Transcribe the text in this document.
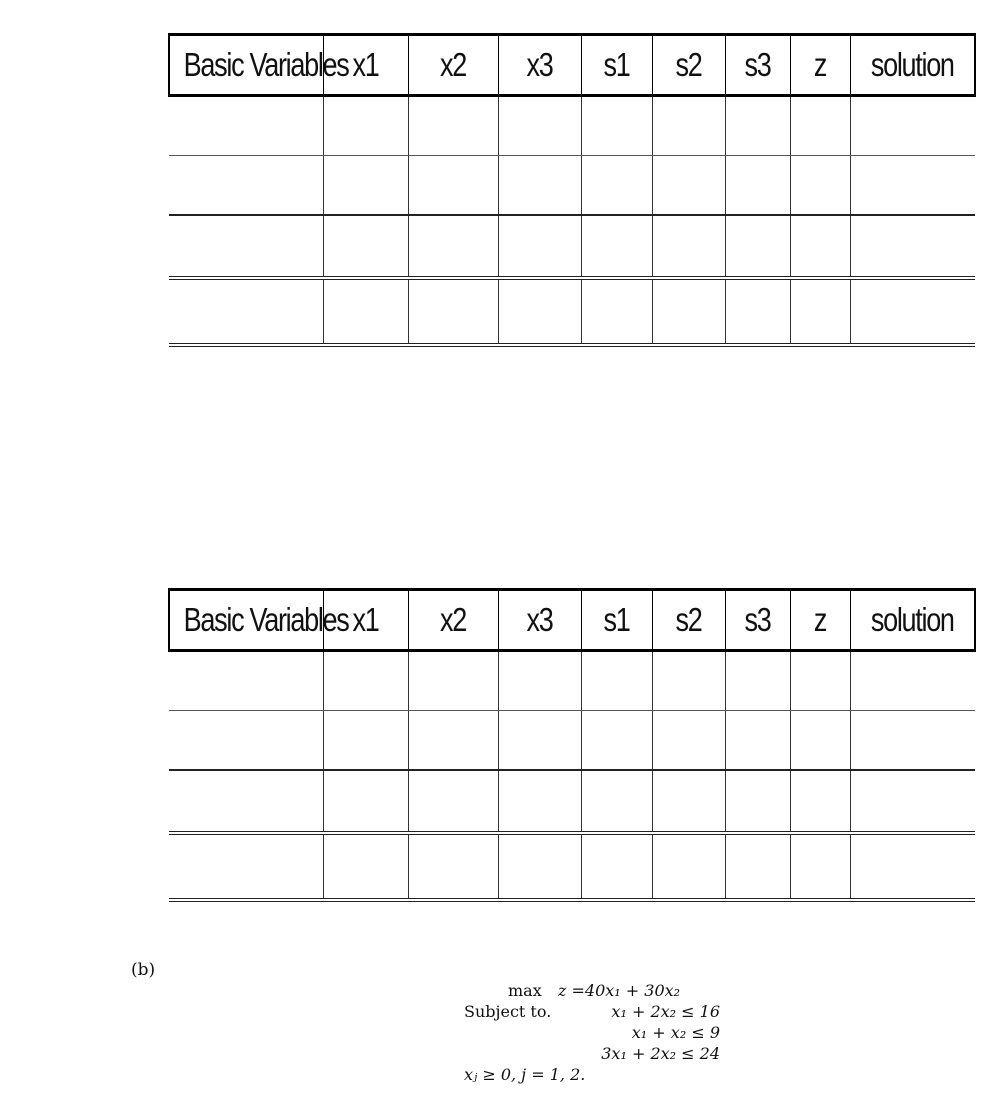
Basic Variables	x1	x2	x3	s1	s2	s3	z	solution

Basic Variables	x1	x2	x3	s1	s2	s3	z	solution

(b)
max z =40x₁ + 30x₂
Subject to.	x₁ + 2x₂ ≤ 16
x₁ + x₂ ≤ 9
3x₁ + 2x₂ ≤ 24
xⱼ ≥ 0, j = 1, 2.
